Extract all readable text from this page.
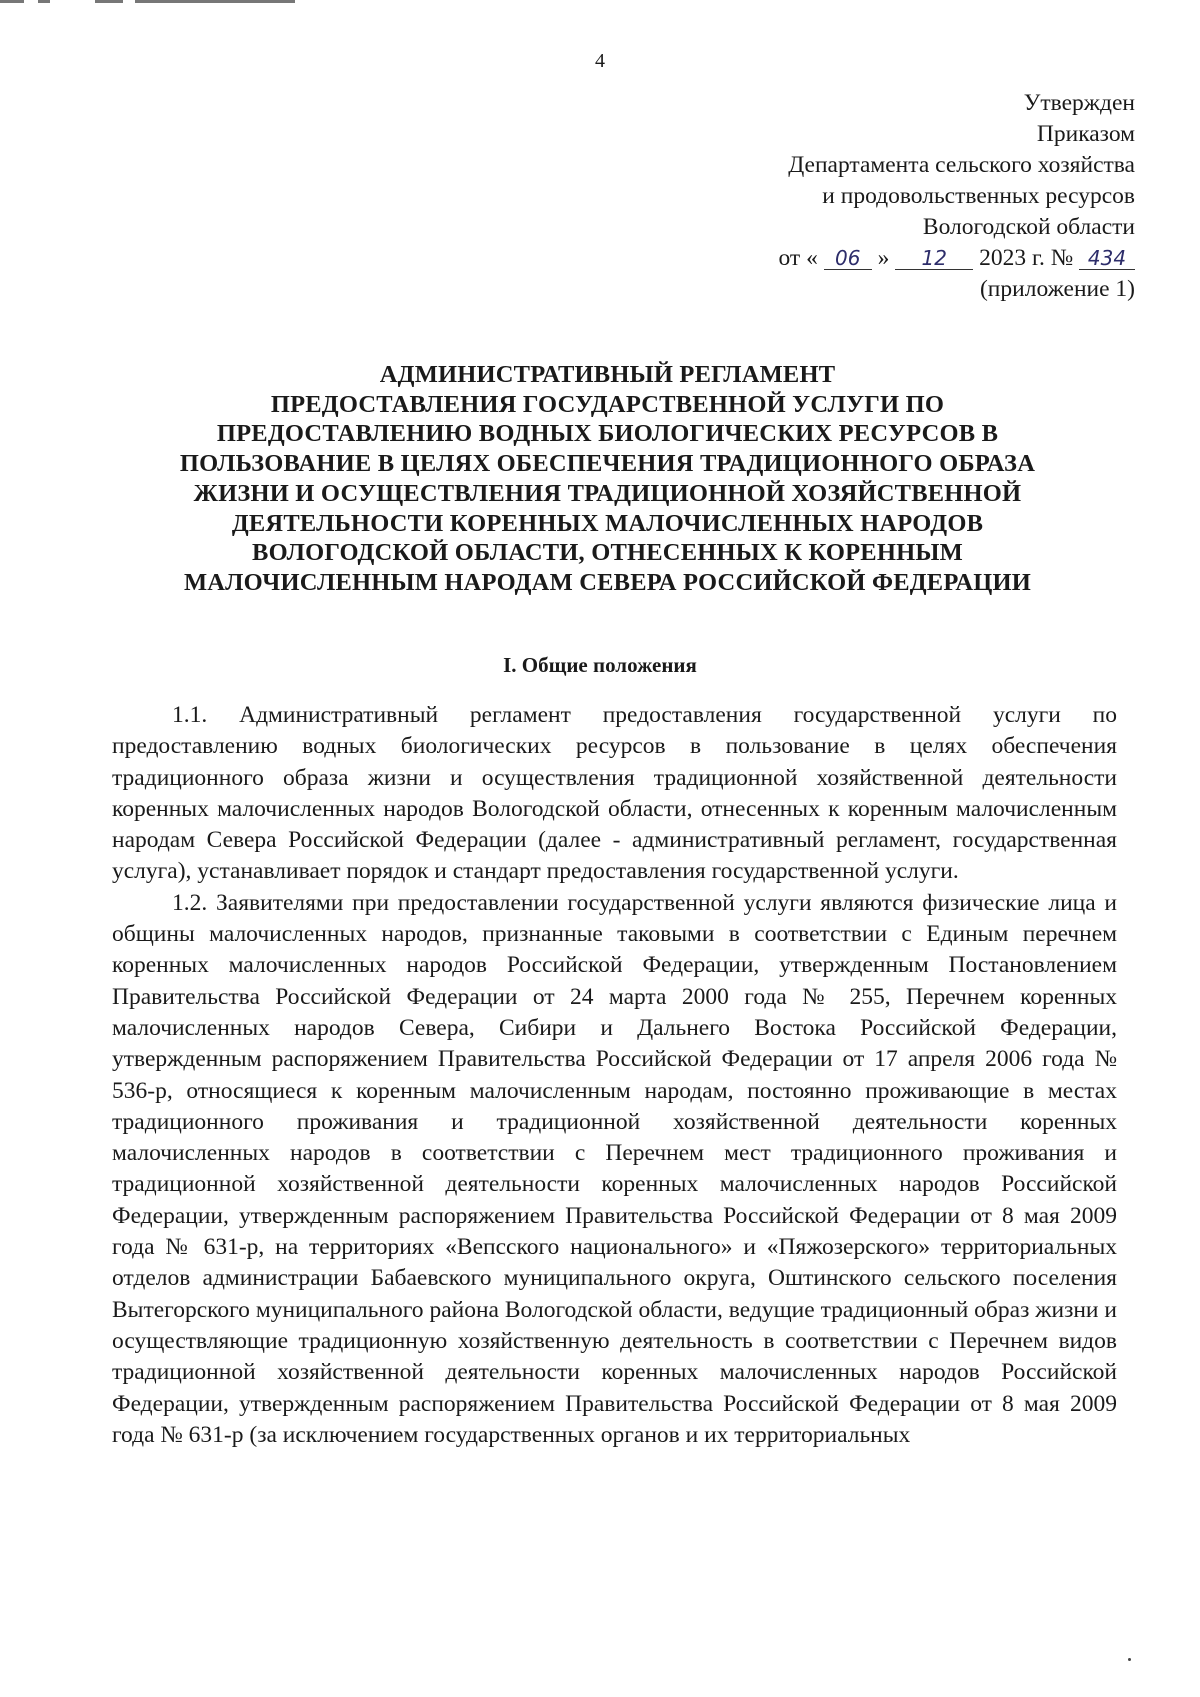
4
Утвержден
Приказом
Департамента сельского хозяйства
и продовольственных ресурсов
Вологодской области
от « 06 » 12 2023 г. № 434
(приложение 1)
АДМИНИСТРАТИВНЫЙ РЕГЛАМЕНТ
ПРЕДОСТАВЛЕНИЯ ГОСУДАРСТВЕННОЙ УСЛУГИ ПО
ПРЕДОСТАВЛЕНИЮ ВОДНЫХ БИОЛОГИЧЕСКИХ РЕСУРСОВ В
ПОЛЬЗОВАНИЕ В ЦЕЛЯХ ОБЕСПЕЧЕНИЯ ТРАДИЦИОННОГО ОБРАЗА
ЖИЗНИ И ОСУЩЕСТВЛЕНИЯ ТРАДИЦИОННОЙ ХОЗЯЙСТВЕННОЙ
ДЕЯТЕЛЬНОСТИ КОРЕННЫХ МАЛОЧИСЛЕННЫХ НАРОДОВ
ВОЛОГОДСКОЙ ОБЛАСТИ, ОТНЕСЕННЫХ К КОРЕННЫМ
МАЛОЧИСЛЕННЫМ НАРОДАМ СЕВЕРА РОССИЙСКОЙ ФЕДЕРАЦИИ
I. Общие положения

1.1. Административный регламент предоставления государственной услуги по предоставлению водных биологических ресурсов в пользование в целях обеспечения традиционного образа жизни и осуществления традиционной хозяйственной деятельности коренных малочисленных народов Вологодской области, отнесенных к коренным малочисленным народам Севера Российской Федерации (далее - административный регламент, государственная услуга), устанавливает порядок и стандарт предоставления государственной услуги.

1.2. Заявителями при предоставлении государственной услуги являются физические лица и общины малочисленных народов, признанные таковыми в соответствии с Единым перечнем коренных малочисленных народов Российской Федерации, утвержденным Постановлением Правительства Российской Федерации от 24 марта 2000 года № 255, Перечнем коренных малочисленных народов Севера, Сибири и Дальнего Востока Российской Федерации, утвержденным распоряжением Правительства Российской Федерации от 17 апреля 2006 года № 536-р, относящиеся к коренным малочисленным народам, постоянно проживающие в местах традиционного проживания и традиционной хозяйственной деятельности коренных малочисленных народов в соответствии с Перечнем мест традиционного проживания и традиционной хозяйственной деятельности коренных малочисленных народов Российской Федерации, утвержденным распоряжением Правительства Российской Федерации от 8 мая 2009 года № 631-р, на территориях «Вепсского национального» и «Пяжозерского» территориальных отделов администрации Бабаевского муниципального округа, Оштинского сельского поселения Вытегорского муниципального района Вологодской области, ведущие традиционный образ жизни и осуществляющие традиционную хозяйственную деятельность в соответствии с Перечнем видов традиционной хозяйственной деятельности коренных малочисленных народов Российской Федерации, утвержденным распоряжением Правительства Российской Федерации от 8 мая 2009 года № 631-р (за исключением государственных органов и их территориальных
